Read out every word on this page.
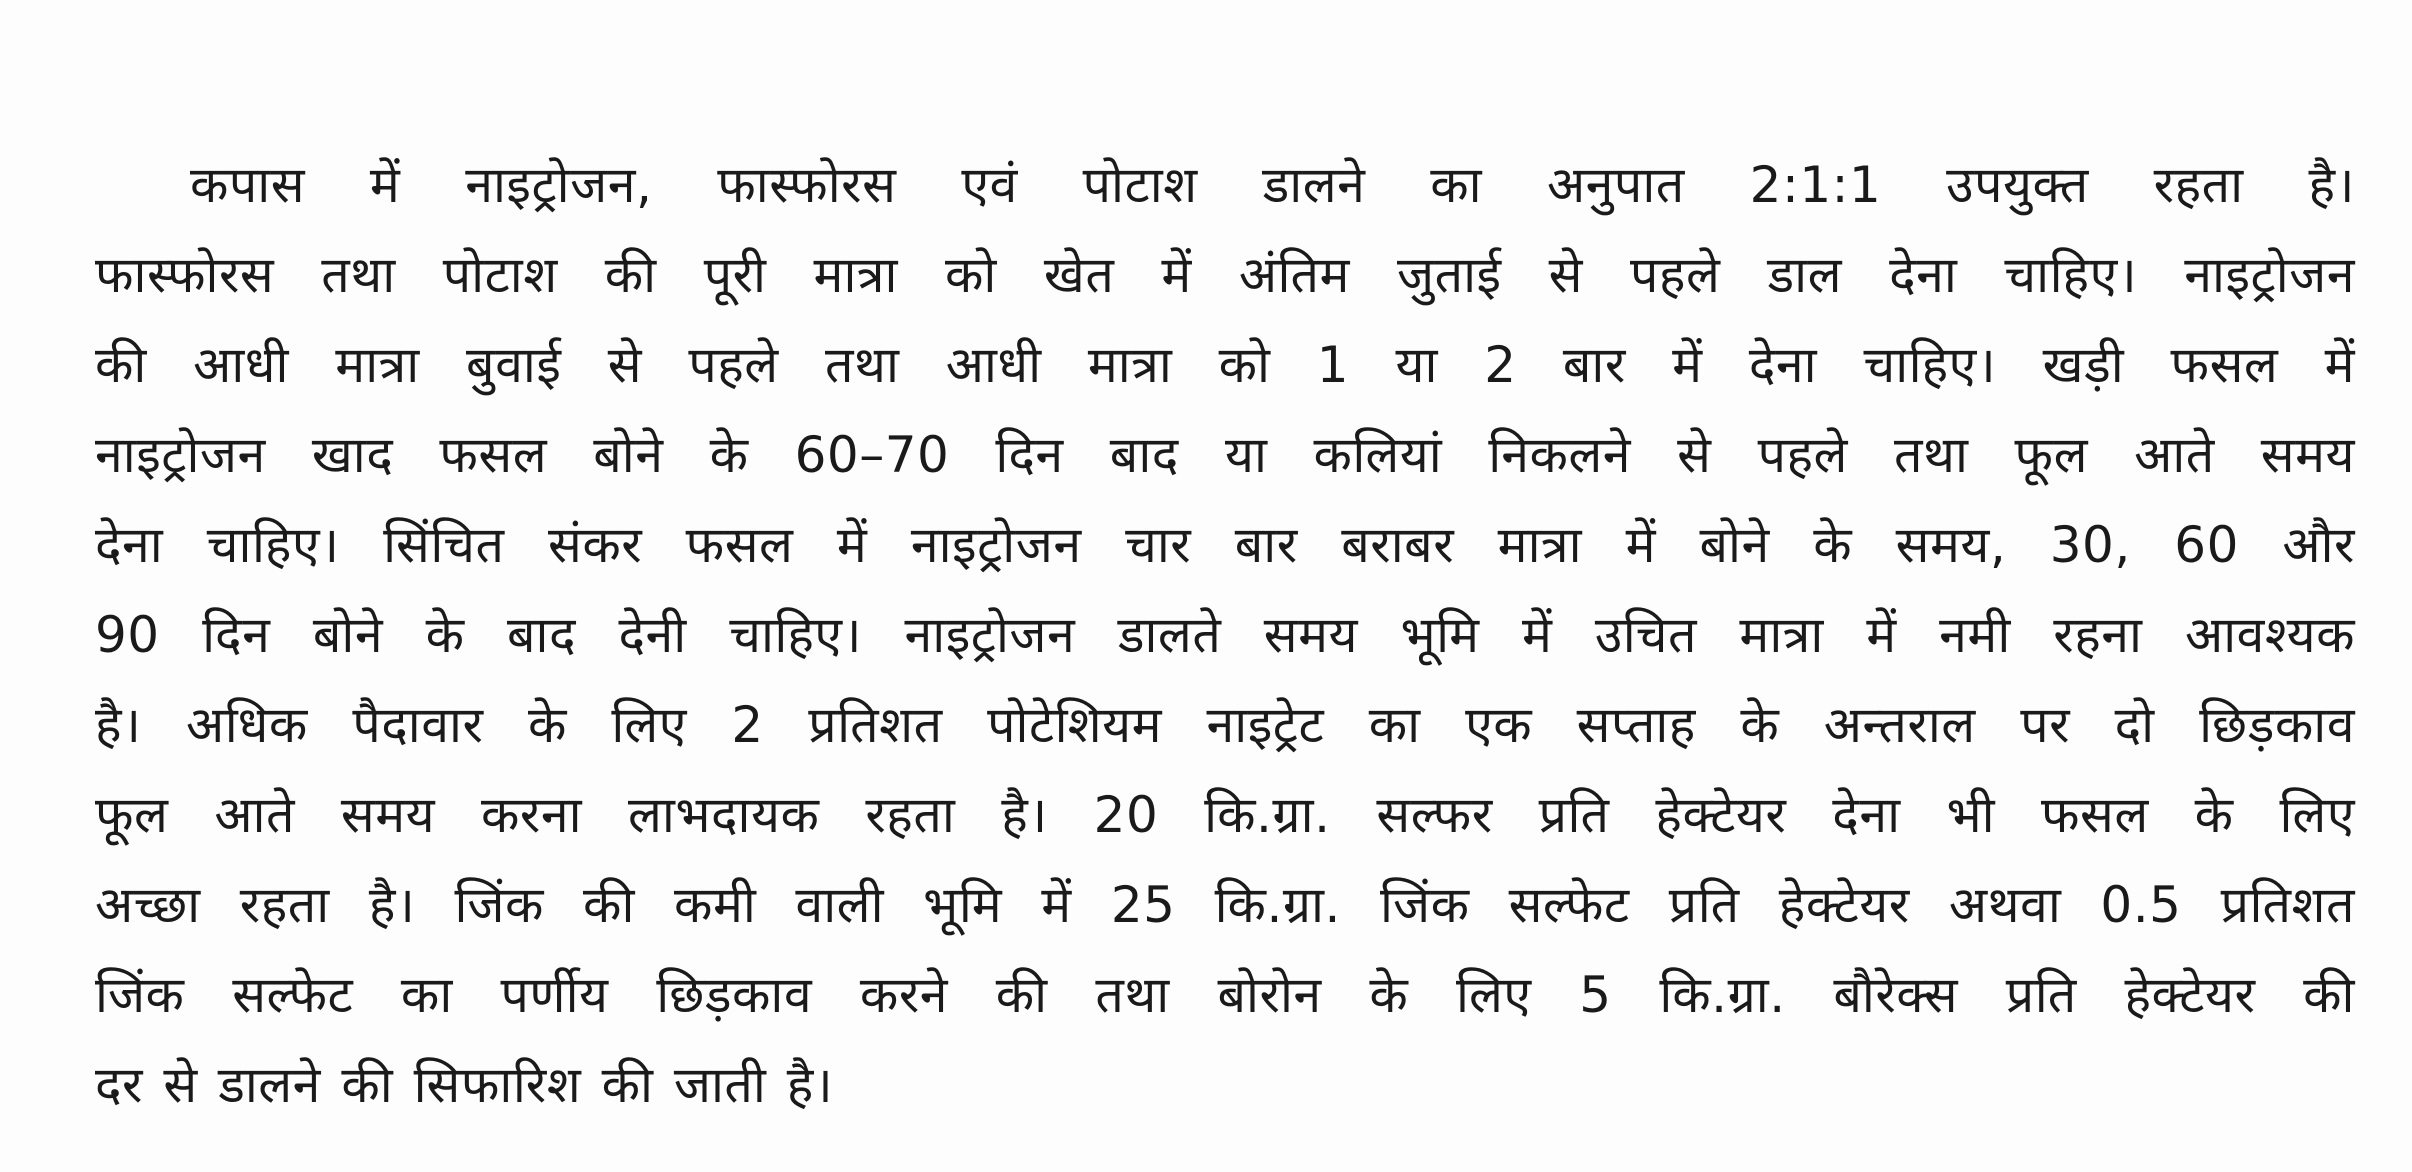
कपास में नाइट्रोजन, फास्फोरस एवं पोटाश डालने का अनुपात 2:1:1 उपयुक्त रहता है।
फास्फोरस तथा पोटाश की पूरी मात्रा को खेत में अंतिम जुताई से पहले डाल देना चाहिए। नाइट्रोजन
की आधी मात्रा बुवाई से पहले तथा आधी मात्रा को 1 या 2 बार में देना चाहिए। खड़ी फसल में
नाइट्रोजन खाद फसल बोने के 60–70 दिन बाद या कलियां निकलने से पहले तथा फूल आते समय
देना चाहिए। सिंचित संकर फसल में नाइट्रोजन चार बार बराबर मात्रा में बोने के समय, 30, 60 और
90 दिन बोने के बाद देनी चाहिए। नाइट्रोजन डालते समय भूमि में उचित मात्रा में नमी रहना आवश्यक
है। अधिक पैदावार के लिए 2 प्रतिशत पोटेशियम नाइट्रेट का एक सप्ताह के अन्तराल पर दो छिड़काव
फूल आते समय करना लाभदायक रहता है। 20 कि.ग्रा. सल्फर प्रति हेक्टेयर देना भी फसल के लिए
अच्छा रहता है। जिंक की कमी वाली भूमि में 25 कि.ग्रा. जिंक सल्फेट प्रति हेक्टेयर अथवा 0.5 प्रतिशत
जिंक सल्फेट का पर्णीय छिड़काव करने की तथा बोरोन के लिए 5 कि.ग्रा. बौरेक्स प्रति हेक्टेयर की
दर से डालने की सिफारिश की जाती है।
